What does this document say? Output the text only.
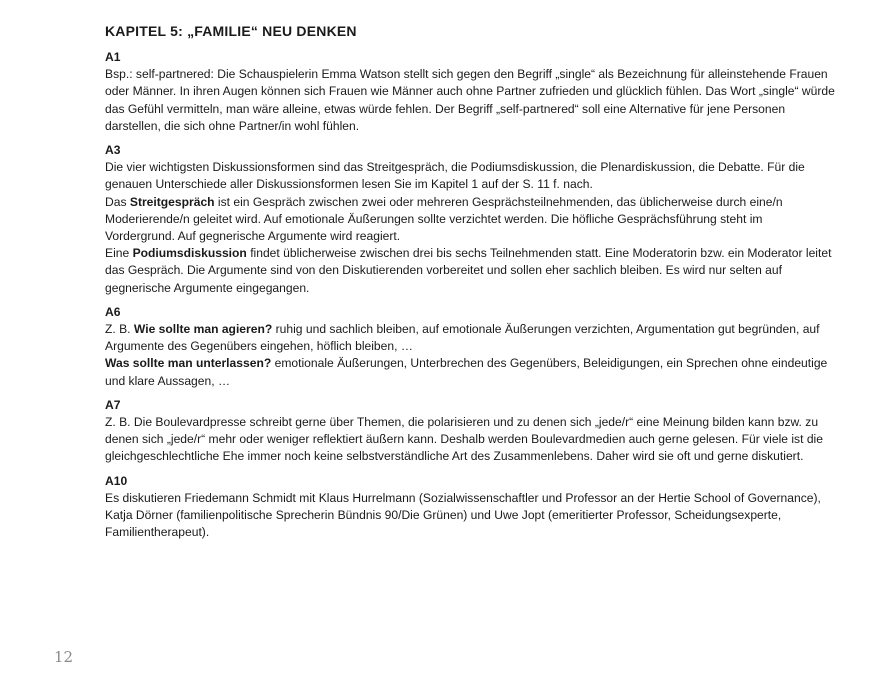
KAPITEL 5: „FAMILIE“ NEU DENKEN
A1

Bsp.: self-partnered: Die Schauspielerin Emma Watson stellt sich gegen den Begriff „single“ als Bezeichnung für alleinstehende Frauen oder Männer. In ihren Augen können sich Frauen wie Männer auch ohne Partner zufrieden und glücklich fühlen. Das Wort „single“ würde das Gefühl vermitteln, man wäre alleine, etwas würde fehlen. Der Begriff „self-partnered“ soll eine Alternative für jene Personen darstellen, die sich ohne Partner/in wohl fühlen.

A3

Die vier wichtigsten Diskussionsformen sind das Streitgespräch, die Podiumsdiskussion, die Plenardiskussion, die Debatte. Für die genauen Unterschiede aller Diskussionsformen lesen Sie im Kapitel 1 auf der S. 11 f. nach.

Das Streitgespräch ist ein Gespräch zwischen zwei oder mehreren Gesprächsteilnehmenden, das üblicherweise durch eine/n Moderierende/n geleitet wird. Auf emotionale Äußerungen sollte verzichtet werden. Die höfliche Gesprächsführung steht im Vordergrund. Auf gegnerische Argumente wird reagiert.

Eine Podiumsdiskussion findet üblicherweise zwischen drei bis sechs Teilnehmenden statt. Eine Moderatorin bzw. ein Moderator leitet das Gespräch. Die Argumente sind von den Diskutierenden vorbereitet und sollen eher sachlich bleiben. Es wird nur selten auf gegnerische Argumente eingegangen.

A6

Z. B. Wie sollte man agieren? ruhig und sachlich bleiben, auf emotionale Äußerungen verzichten, Argumentation gut begründen, auf Argumente des Gegenübers eingehen, höflich bleiben, …

Was sollte man unterlassen? emotionale Äußerungen, Unterbrechen des Gegenübers, Beleidigungen, ein Sprechen ohne eindeutige und klare Aussagen, …

A7

Z. B. Die Boulevardpresse schreibt gerne über Themen, die polarisieren und zu denen sich „jede/r“ eine Meinung bilden kann bzw. zu denen sich „jede/r“ mehr oder weniger reflektiert äußern kann. Deshalb werden Boulevardmedien auch gerne gelesen. Für viele ist die gleichgeschlechtliche Ehe immer noch keine selbstverständliche Art des Zusammenlebens. Daher wird sie oft und gerne diskutiert.

A10

Es diskutieren Friedemann Schmidt mit Klaus Hurrelmann (Sozialwissenschaftler und Professor an der Hertie School of Governance), Katja Dörner (familienpolitische Sprecherin Bündnis 90/Die Grünen) und Uwe Jopt (emeritierter Professor, Scheidungsexperte, Familientherapeut).

12
